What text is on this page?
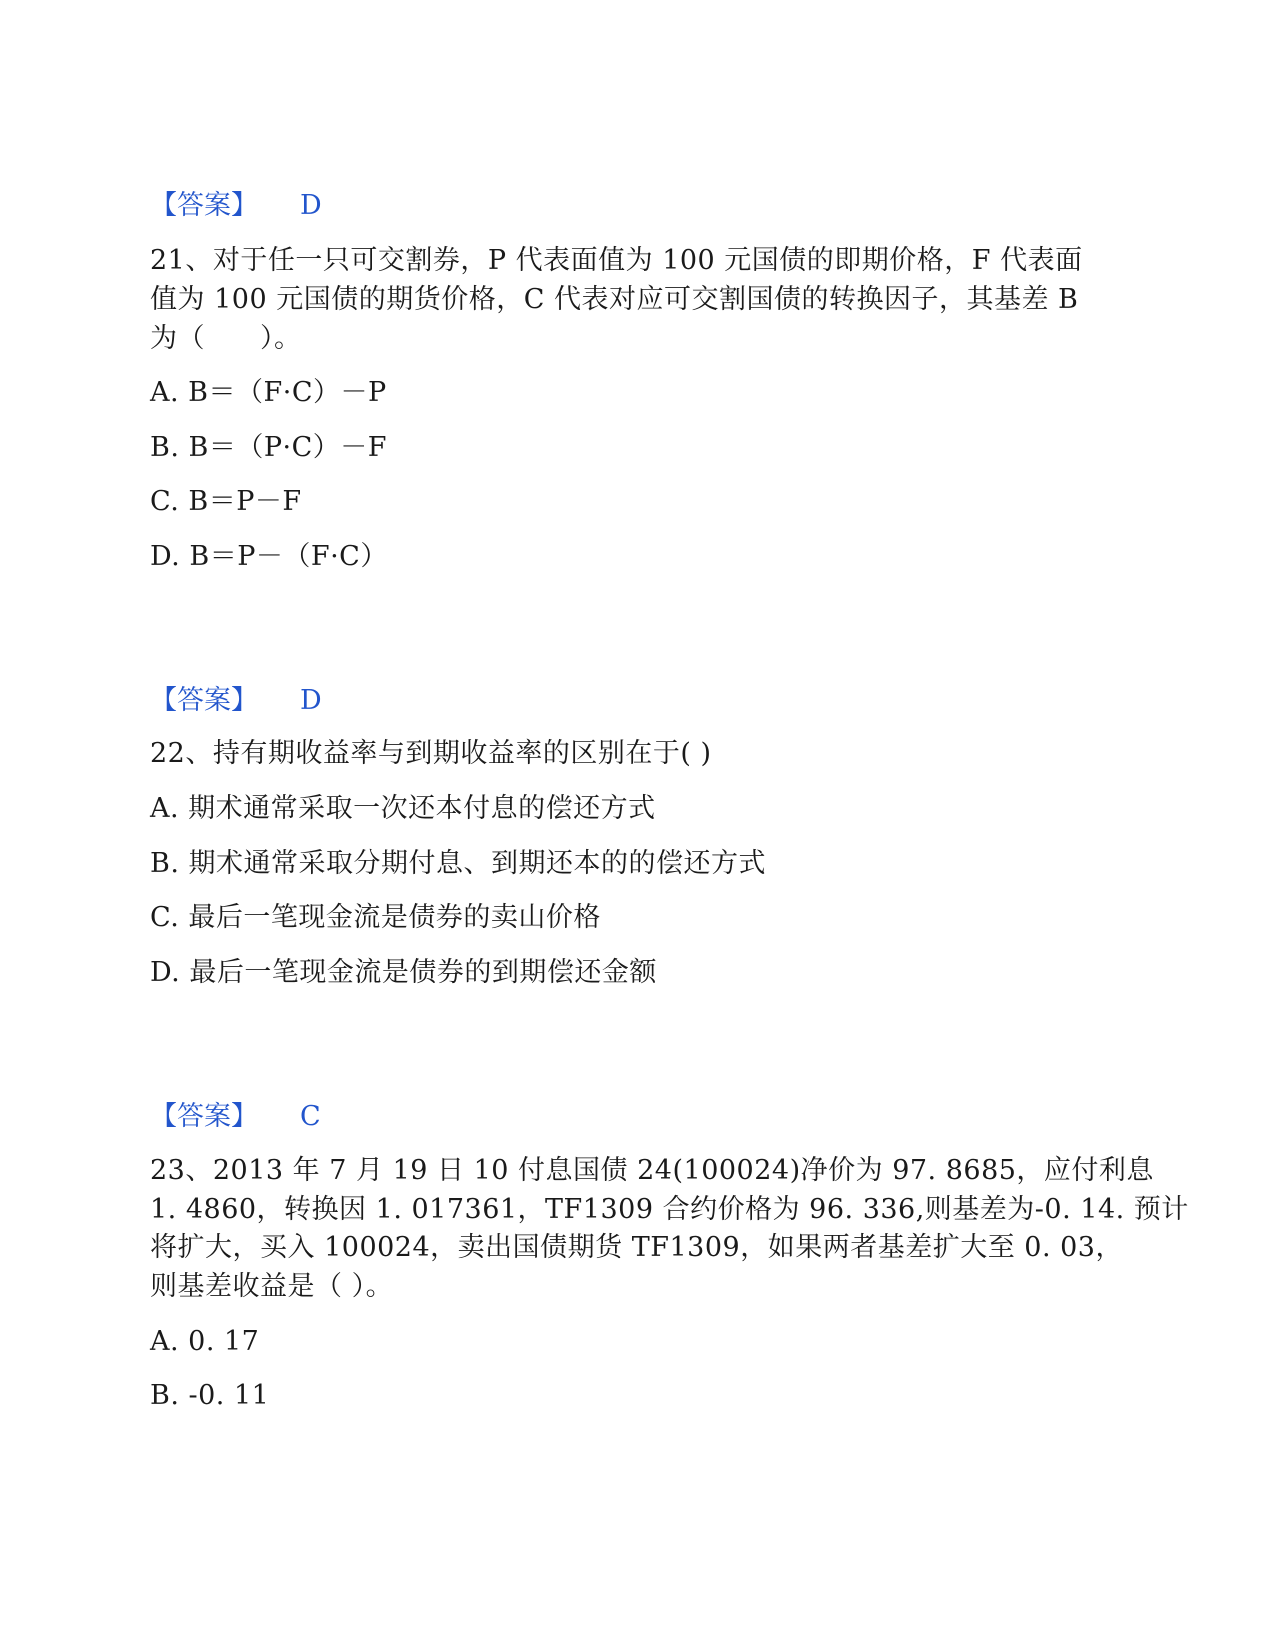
【答案】 D
21、对于任一只可交割券，P 代表面值为 100 元国债的即期价格，F 代表面
值为 100 元国债的期货价格，C 代表对应可交割国债的转换因子，其基差 B
为（　　）。
A. B＝（F·C）－P
B. B＝（P·C）－F
C. B＝P－F
D. B＝P－（F·C）
【答案】 D
22、持有期收益率与到期收益率的区别在于( )
A. 期术通常采取一次还本付息的偿还方式
B. 期术通常采取分期付息、到期还本的的偿还方式
C. 最后一笔现金流是债券的卖山价格
D. 最后一笔现金流是债券的到期偿还金额
【答案】 C
23、2013 年 7 月 19 日 10 付息国债 24(100024)净价为 97. 8685，应付利息
1. 4860，转换因 1. 017361，TF1309 合约价格为 96. 336,则基差为-0. 14. 预计
将扩大，买入 100024，卖出国债期货 TF1309，如果两者基差扩大至 0. 03，
则基差收益是（ ）。
A. 0. 17
B. -0. 11
